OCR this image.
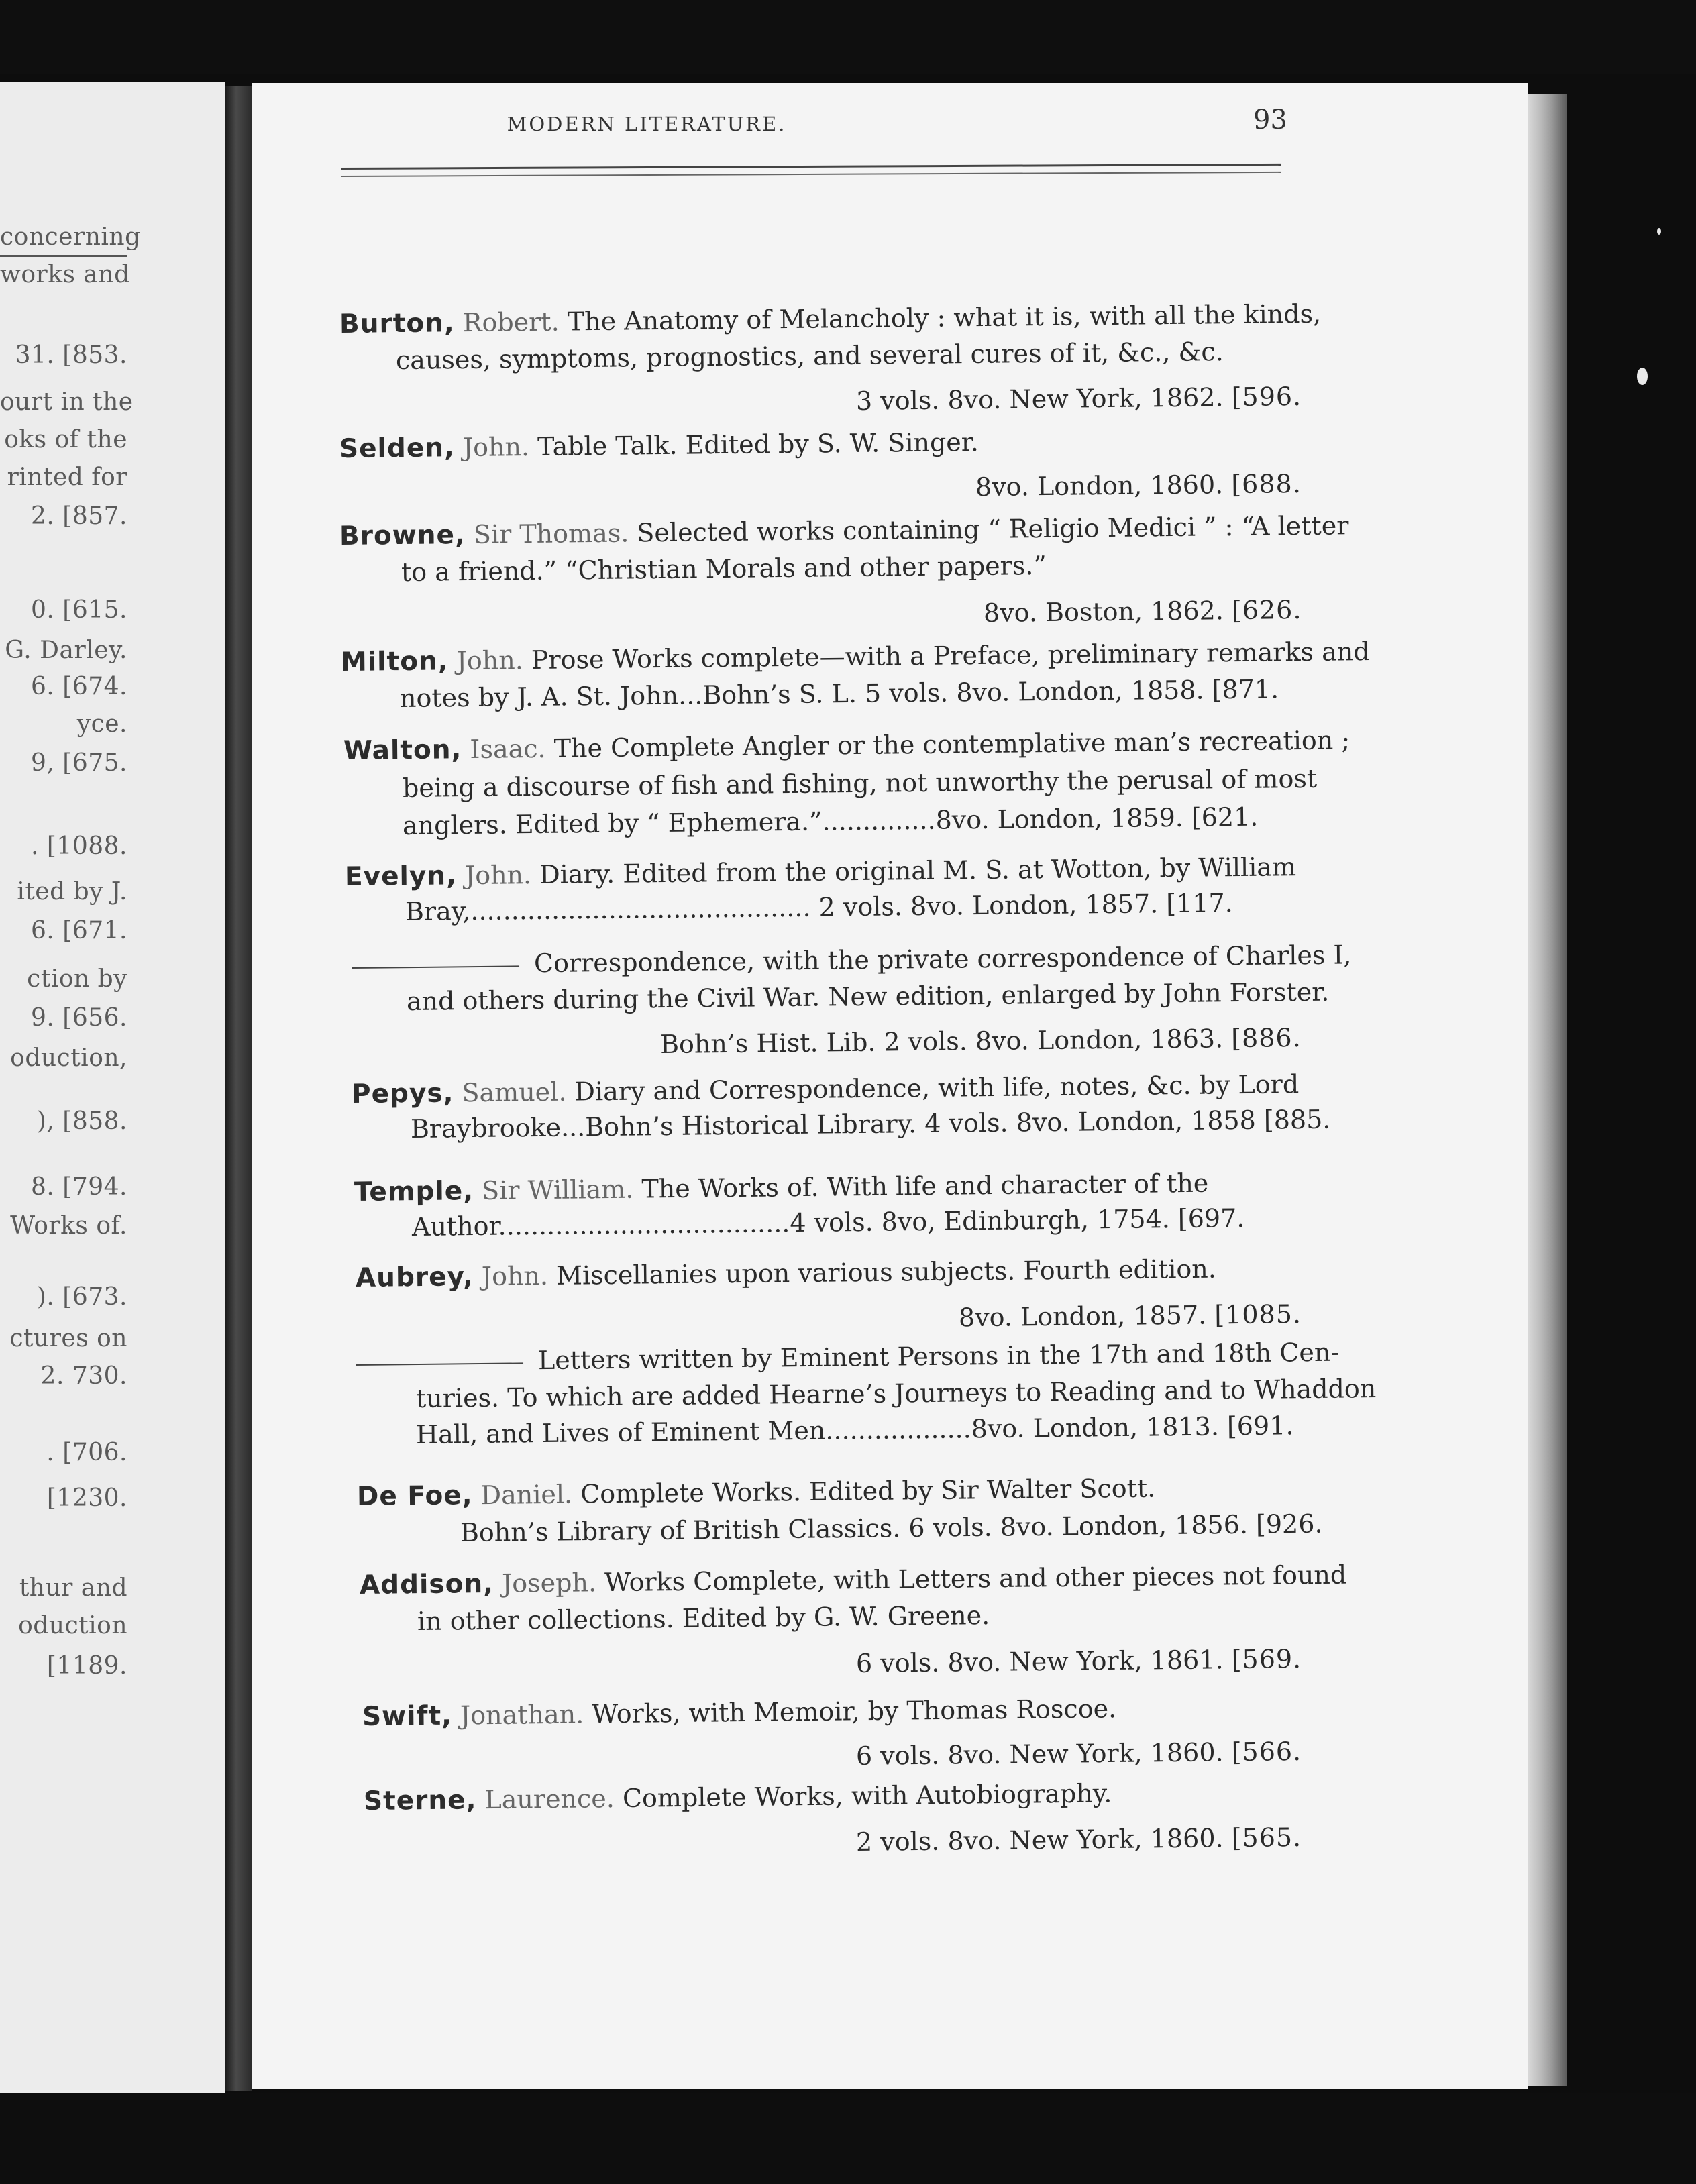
concerning
works and
31. [853.
ourt in the
oks of the
rinted for
2. [857.
0. [615.
G. Darley.
6. [674.
yce.
9, [675.
. [1088.
ited by J.
6. [671.
ction by
9. [656.
oduction,
), [858.
8. [794.
Works of.
). [673.
ctures on
2. 730.
. [706.
[1230.
thur and
oduction
[1189.
MODERN LITERATURE.	93
Burton, Robert. The Anatomy of Melancholy : what it is, with all the kinds,
causes, symptoms, prognostics, and several cures of it, &c., &c.
3 vols. 8vo. New York, 1862. [596.
Selden, John. Table Talk. Edited by S. W. Singer.
8vo. London, 1860. [688.
Browne, Sir Thomas. Selected works containing “ Religio Medici ” : “A letter
to a friend.” “Christian Morals and other papers.”
8vo. Boston, 1862. [626.
Milton, John. Prose Works complete—with a Preface, preliminary remarks and
notes by J. A. St. John...Bohn’s S. L. 5 vols. 8vo. London, 1858. [871.
Walton, Isaac. The Complete Angler or the contemplative man’s recreation ;
being a discourse of fish and fishing, not unworthy the perusal of most
anglers. Edited by “ Ephemera.”..............8vo. London, 1859. [621.
Evelyn, John. Diary. Edited from the original M. S. at Wotton, by William
Bray,.......................................... 2 vols. 8vo. London, 1857. [117.
Correspondence, with the private correspondence of Charles I,
and others during the Civil War. New edition, enlarged by John Forster.
Bohn’s Hist. Lib. 2 vols. 8vo. London, 1863. [886.
Pepys, Samuel. Diary and Correspondence, with life, notes, &c. by Lord
Braybrooke...Bohn’s Historical Library. 4 vols. 8vo. London, 1858 [885.
Temple, Sir William. The Works of. With life and character of the
Author....................................4 vols. 8vo, Edinburgh, 1754. [697.
Aubrey, John. Miscellanies upon various subjects. Fourth edition.
8vo. London, 1857. [1085.
Letters written by Eminent Persons in the 17th and 18th Cen-
turies. To which are added Hearne’s Journeys to Reading and to Whaddon
Hall, and Lives of Eminent Men..................8vo. London, 1813. [691.
De Foe, Daniel. Complete Works. Edited by Sir Walter Scott.
Bohn’s Library of British Classics. 6 vols. 8vo. London, 1856. [926.
Addison, Joseph. Works Complete, with Letters and other pieces not found
in other collections. Edited by G. W. Greene.
6 vols. 8vo. New York, 1861. [569.
Swift, Jonathan. Works, with Memoir, by Thomas Roscoe.
6 vols. 8vo. New York, 1860. [566.
Sterne, Laurence. Complete Works, with Autobiography.
2 vols. 8vo. New York, 1860. [565.
